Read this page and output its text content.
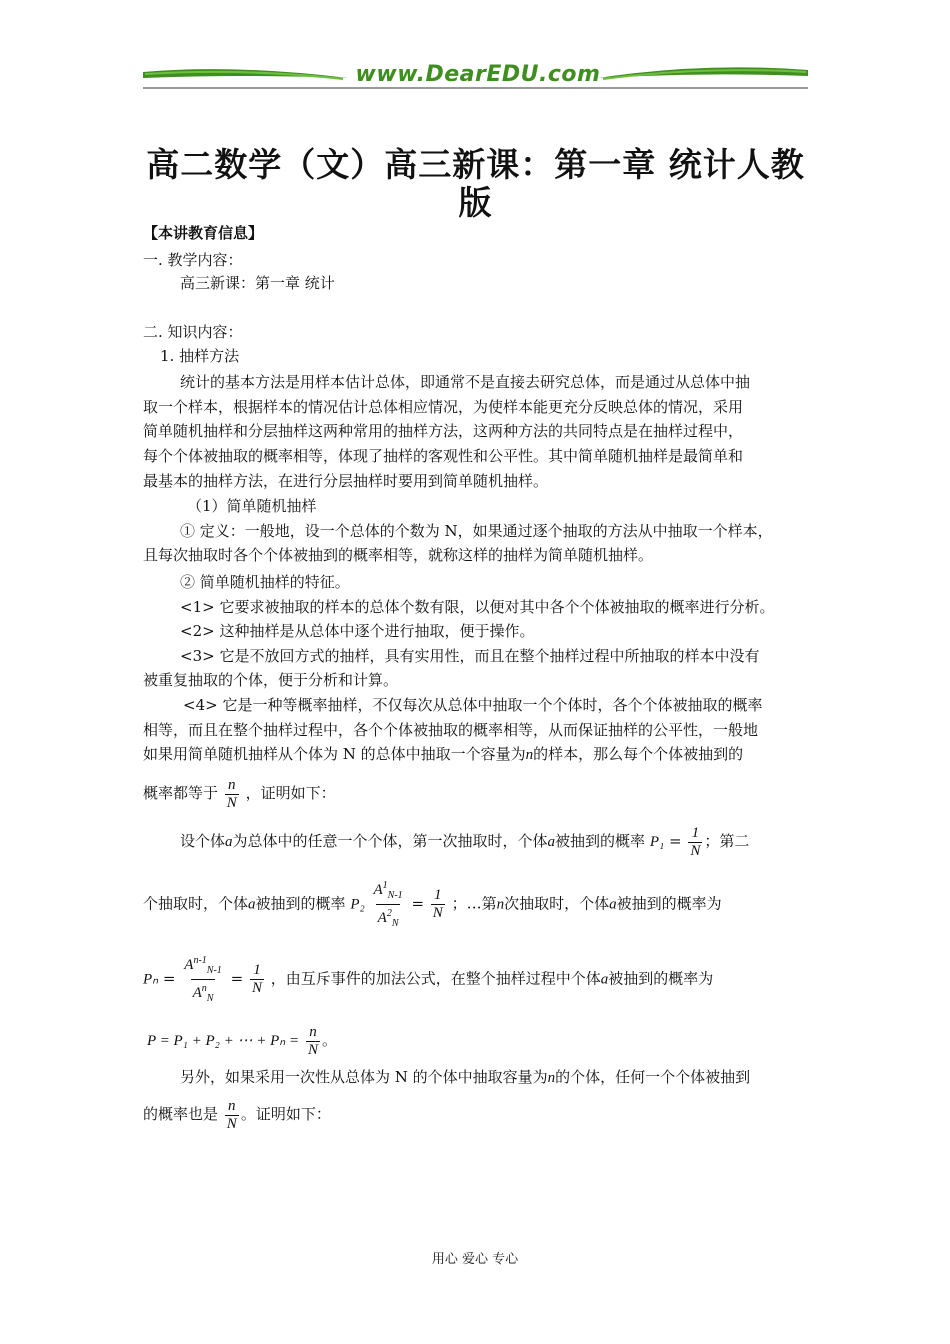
www.DearEDU.com
高二数学（文）高三新课：第一章 统计人教
版
【本讲教育信息】
一. 教学内容：
高三新课：第一章 统计
二. 知识内容：
1. 抽样方法
统计的基本方法是用样本估计总体，即通常不是直接去研究总体，而是通过从总体中抽
取一个样本，根据样本的情况估计总体相应情况，为使样本能更充分反映总体的情况，采用
简单随机抽样和分层抽样这两种常用的抽样方法，这两种方法的共同特点是在抽样过程中，
每个个体被抽取的概率相等，体现了抽样的客观性和公平性。其中简单随机抽样是最简单和
最基本的抽样方法，在进行分层抽样时要用到简单随机抽样。
（1）简单随机抽样
① 定义：一般地，设一个总体的个数为 N，如果通过逐个抽取的方法从中抽取一个样本，
且每次抽取时各个个体被抽到的概率相等，就称这样的抽样为简单随机抽样。
② 简单随机抽样的特征。
<1> 它要求被抽取的样本的总体个数有限，以便对其中各个个体被抽取的概率进行分析。
<2> 这种抽样是从总体中逐个进行抽取，便于操作。
<3> 它是不放回方式的抽样，具有实用性，而且在整个抽样过程中所抽取的样本中没有
被重复抽取的个体，便于分析和计算。
<4> 它是一种等概率抽样，不仅每次从总体中抽取一个个体时，各个个体被抽取的概率
相等，而且在整个抽样过程中，各个个体被抽取的概率相等，从而保证抽样的公平性，一般地
如果用简单随机抽样从个体为 N 的总体中抽取一个容量为n的样本，那么每个个体被抽到的
概率都等于 $\frac{n}{N}$ ，证明如下：
设个体a为总体中的任意一个个体，第一次抽取时，个体a被抽到的概率 $P_1 = \frac{1}{N}$ ；第二
个抽取时，个体a被抽到的概率 $P_2 \frac{A^1_{N-1}}{A^2_N} = \frac{1}{N}$ ；…第n次抽取时，个体a被抽到的概率为
$P_n = \frac{A^{n-1}_{N-1}}{A^n_N} = \frac{1}{N}$ ，由互斥事件的加法公式，在整个抽样过程中个体a被抽到的概率为
P = P₁ + P₂ + ⋯ + $P_n = \frac{n}{N}$ 。
另外，如果采用一次性从总体为 N 的个体中抽取容量为n的个体，任何一个个体被抽到
的概率也是 $\frac{n}{N}$ 。证明如下：
用心 爱心 专心
